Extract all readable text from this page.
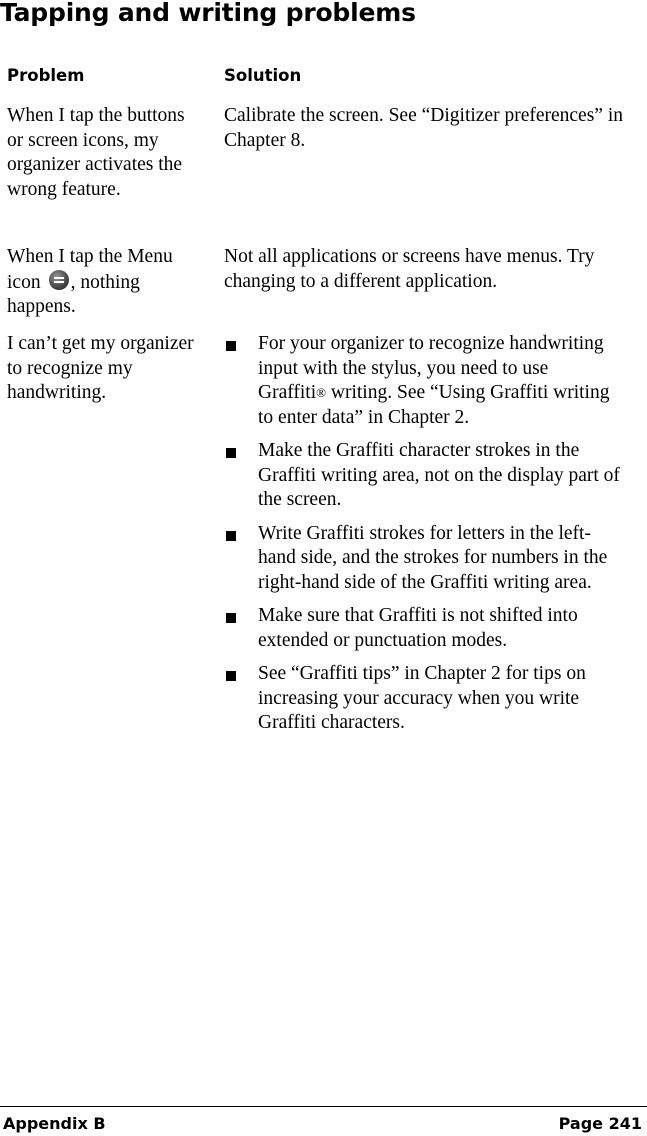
Tapping and writing problems
Problem	Solution
When I tap the buttons or screen icons, my organizer activates the wrong feature.
Calibrate the screen. See “Digitizer preferences” in Chapter 8.
When I tap the Menu icon , nothing happens.
Not all applications or screens have menus. Try changing to a different application.
I can’t get my organizer to recognize my handwriting.
For your organizer to recognize handwriting input with the stylus, you need to use Graffiti® writing. See “Using Graffiti writing to enter data” in Chapter 2.
Make the Graffiti character strokes in the Graffiti writing area, not on the display part of the screen.
Write Graffiti strokes for letters in the left-hand side, and the strokes for numbers in the right-hand side of the Graffiti writing area.
Make sure that Graffiti is not shifted into extended or punctuation modes.
See “Graffiti tips” in Chapter 2 for tips on increasing your accuracy when you write Graffiti characters.
Appendix B	Page 241
